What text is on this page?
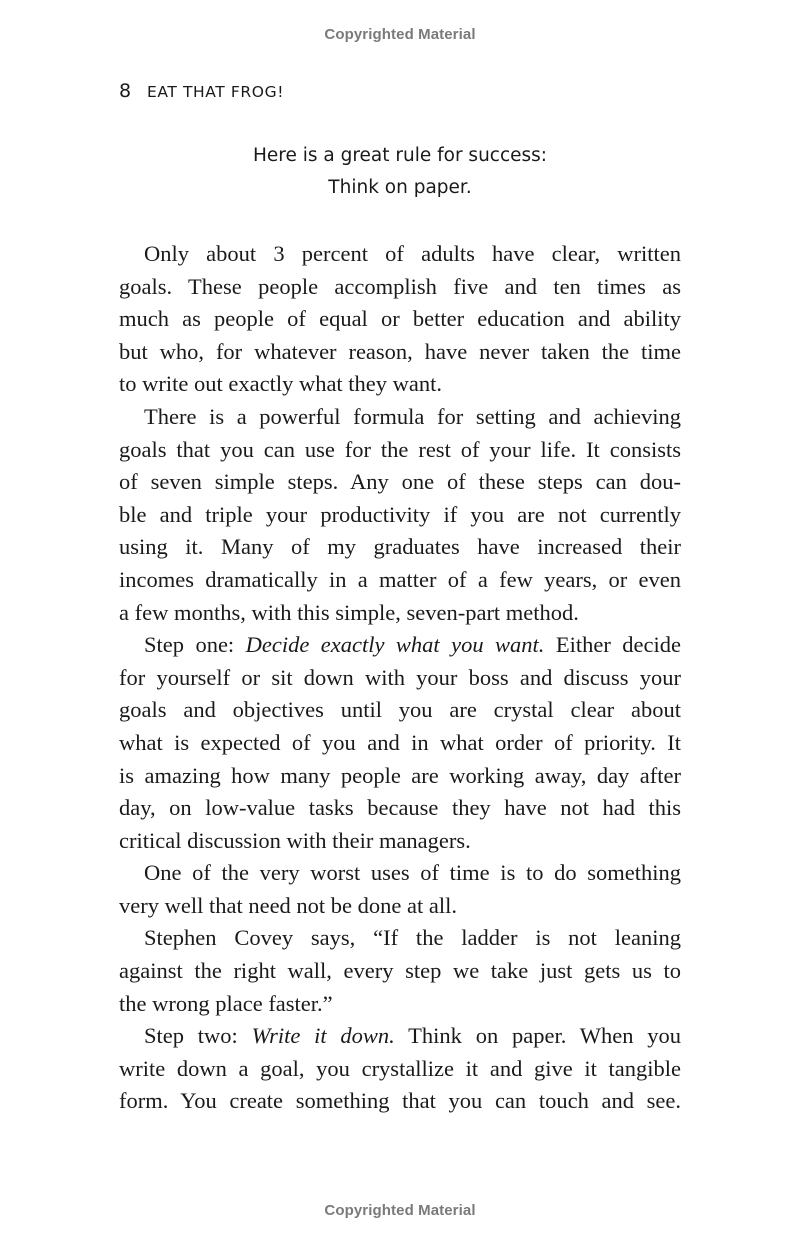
Copyrighted Material
8 EAT THAT FROG!
Here is a great rule for success:
Think on paper.
Only about 3 percent of adults have clear, written
goals. These people accomplish five and ten times as
much as people of equal or better education and ability
but who, for whatever reason, have never taken the time
to write out exactly what they want.
There is a powerful formula for setting and achieving
goals that you can use for the rest of your life. It consists
of seven simple steps. Any one of these steps can dou-
ble and triple your productivity if you are not currently
using it. Many of my graduates have increased their
incomes dramatically in a matter of a few years, or even
a few months, with this simple, seven-part method.
Step one: Decide exactly what you want. Either decide
for yourself or sit down with your boss and discuss your
goals and objectives until you are crystal clear about
what is expected of you and in what order of priority. It
is amazing how many people are working away, day after
day, on low-value tasks because they have not had this
critical discussion with their managers.
One of the very worst uses of time is to do something
very well that need not be done at all.
Stephen Covey says, “If the ladder is not leaning
against the right wall, every step we take just gets us to
the wrong place faster.”
Step two: Write it down. Think on paper. When you
write down a goal, you crystallize it and give it tangible
form. You create something that you can touch and see.
Copyrighted Material
